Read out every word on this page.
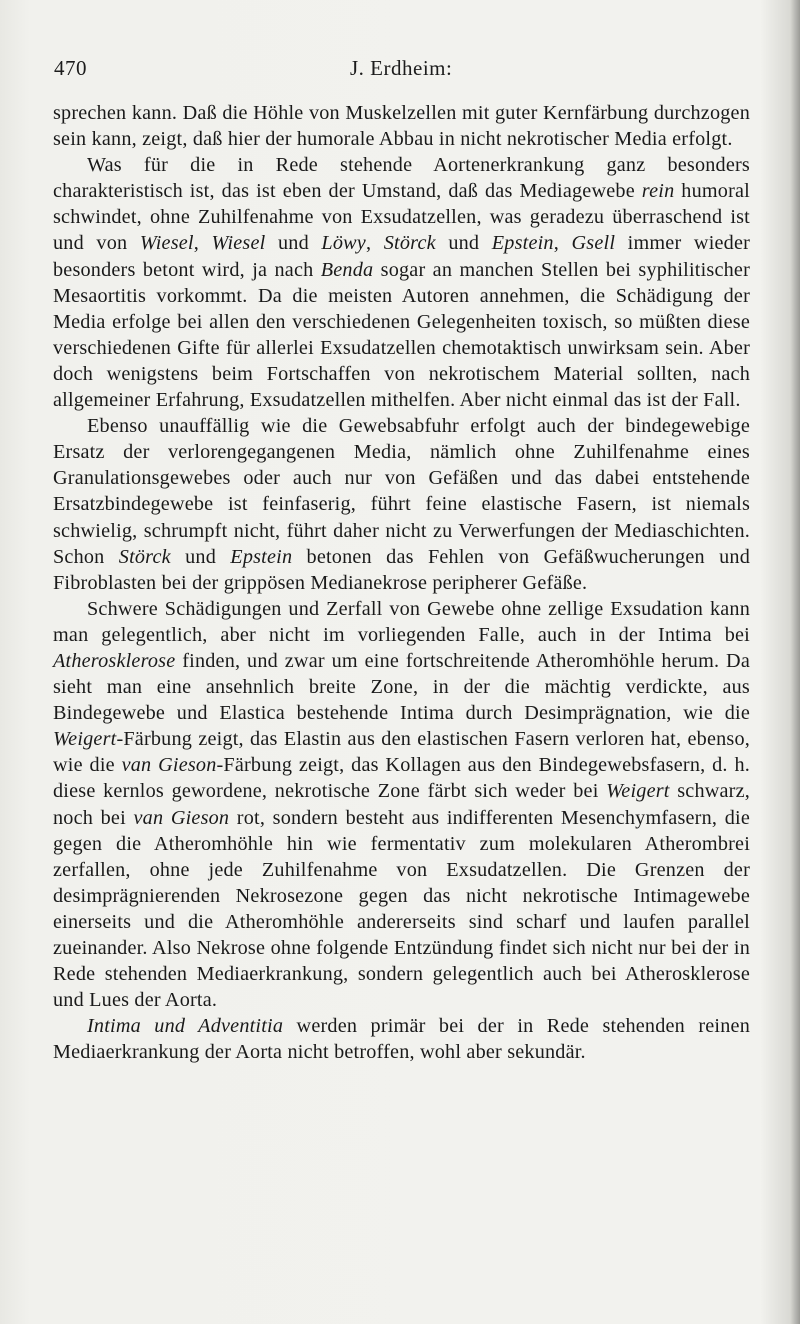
470	J. Erdheim:

sprechen kann. Daß die Höhle von Muskelzellen mit guter Kernfärbung durchzogen sein kann, zeigt, daß hier der humorale Abbau in nicht nekrotischer Media erfolgt.

Was für die in Rede stehende Aortenerkrankung ganz besonders charakteristisch ist, das ist eben der Umstand, daß das Mediagewebe rein humoral schwindet, ohne Zuhilfenahme von Exsudatzellen, was geradezu überraschend ist und von Wiesel, Wiesel und Löwy, Störck und Epstein, Gsell immer wieder besonders betont wird, ja nach Benda sogar an manchen Stellen bei syphilitischer Mesaortitis vorkommt. Da die meisten Autoren annehmen, die Schädigung der Media erfolge bei allen den verschiedenen Gelegenheiten toxisch, so müßten diese verschiedenen Gifte für allerlei Exsudatzellen chemotaktisch unwirksam sein. Aber doch wenigstens beim Fortschaffen von nekrotischem Material sollten, nach allgemeiner Erfahrung, Exsudatzellen mithelfen. Aber nicht einmal das ist der Fall.

Ebenso unauffällig wie die Gewebsabfuhr erfolgt auch der bindegewebige Ersatz der verlorengegangenen Media, nämlich ohne Zuhilfenahme eines Granulationsgewebes oder auch nur von Gefäßen und das dabei entstehende Ersatzbindegewebe ist feinfaserig, führt feine elastische Fasern, ist niemals schwielig, schrumpft nicht, führt daher nicht zu Verwerfungen der Mediaschichten. Schon Störck und Epstein betonen das Fehlen von Gefäßwucherungen und Fibroblasten bei der grippösen Medianekrose peripherer Gefäße.

Schwere Schädigungen und Zerfall von Gewebe ohne zellige Exsudation kann man gelegentlich, aber nicht im vorliegenden Falle, auch in der Intima bei Atherosklerose finden, und zwar um eine fortschreitende Atheromhöhle herum. Da sieht man eine ansehnlich breite Zone, in der die mächtig verdickte, aus Bindegewebe und Elastica bestehende Intima durch Desimprägnation, wie die Weigert-Färbung zeigt, das Elastin aus den elastischen Fasern verloren hat, ebenso, wie die van Gieson-Färbung zeigt, das Kollagen aus den Bindegewebsfasern, d. h. diese kernlos gewordene, nekrotische Zone färbt sich weder bei Weigert schwarz, noch bei van Gieson rot, sondern besteht aus indifferenten Mesenchymfasern, die gegen die Atheromhöhle hin wie fermentativ zum molekularen Atherombrei zerfallen, ohne jede Zuhilfenahme von Exsudatzellen. Die Grenzen der desimprägnierenden Nekrosezone gegen das nicht nekrotische Intimagewebe einerseits und die Atheromhöhle andererseits sind scharf und laufen parallel zueinander. Also Nekrose ohne folgende Entzündung findet sich nicht nur bei der in Rede stehenden Mediaerkrankung, sondern gelegentlich auch bei Atherosklerose und Lues der Aorta.

Intima und Adventitia werden primär bei der in Rede stehenden reinen Mediaerkrankung der Aorta nicht betroffen, wohl aber sekundär.
